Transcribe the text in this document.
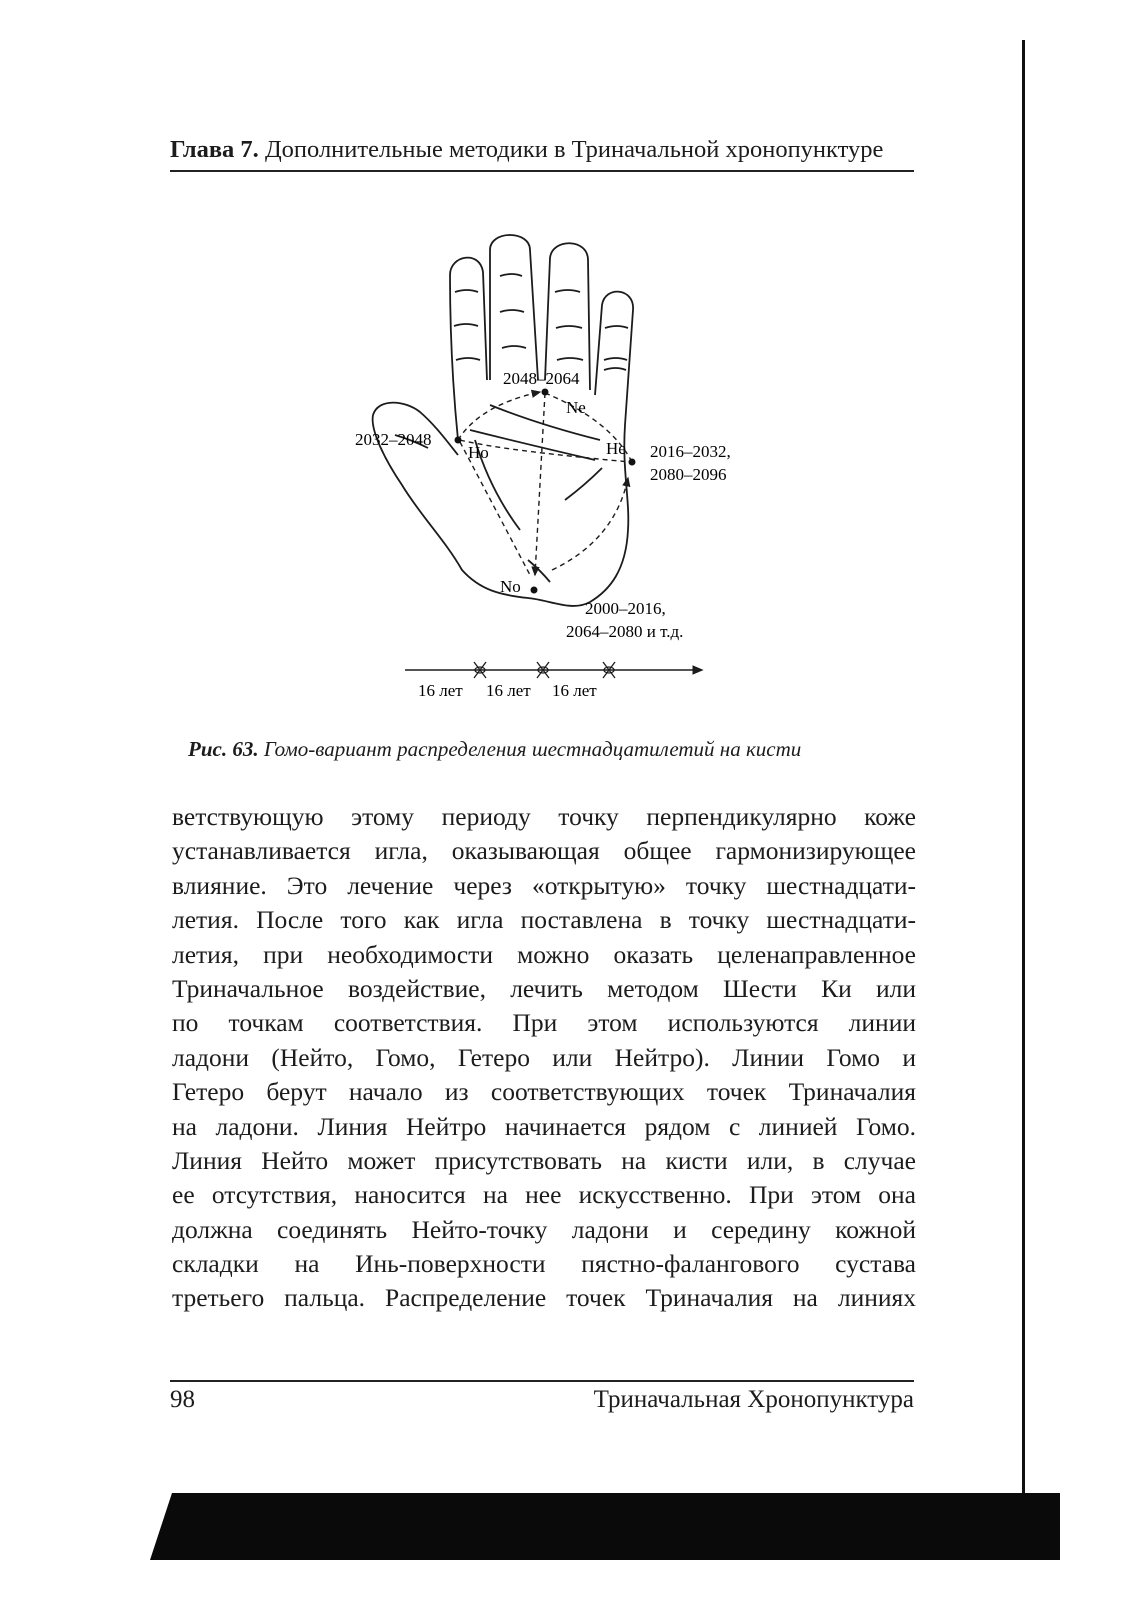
Глава 7. Дополнительные методики в Триначальной хронопунктуре
Ne
Ho	He
No
2048–2064
2032–2048
2016–2032,
2080–2096
2000–2016,
2064–2080 и т.д.
16 лет 16 лет 16 лет
Рис. 63. Гомо-вариант распределения шестнадцатилетий на кисти

ветствующую этому периоду точку перпендикулярно коже
устанавливается игла, оказывающая общее гармонизирующее
влияние. Это лечение через «открытую» точку шестнадцати-
летия. После того как игла поставлена в точку шестнадцати-
летия, при необходимости можно оказать целенаправленное
Триначальное воздействие, лечить методом Шести Ки или
по точкам соответствия. При этом используются линии
ладони (Нейто, Гомо, Гетеро или Нейтро). Линии Гомо и
Гетеро берут начало из соответствующих точек Триначалия
на ладони. Линия Нейтро начинается рядом с линией Гомо.
Линия Нейто может присутствовать на кисти или, в случае
ее отсутствия, наносится на нее искусственно. При этом она
должна соединять Нейто-точку ладони и середину кожной
складки на Инь-поверхности пястно-фалангового сустава
третьего пальца. Распределение точек Триначалия на линиях

98	Триначальная Хронопунктура
